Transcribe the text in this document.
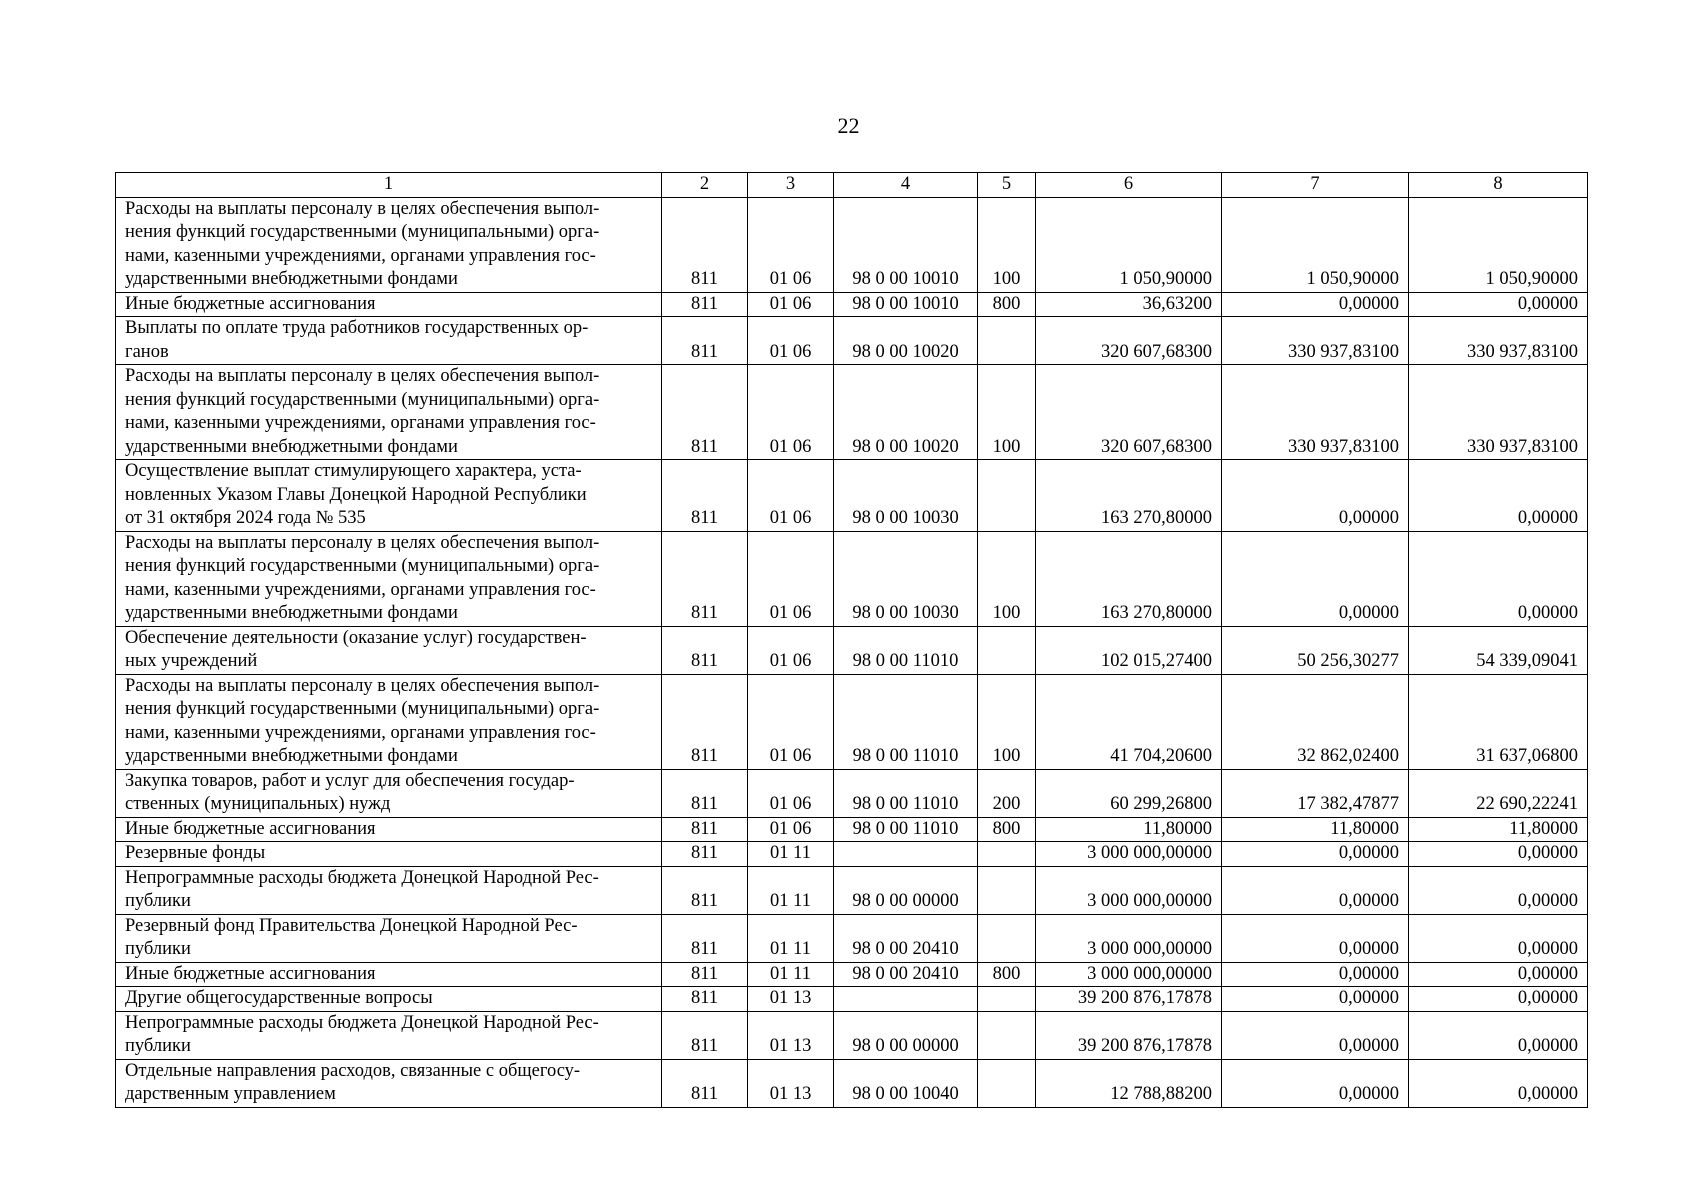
22
1	2	3	4	5	6	7	8

Расходы на выплаты персоналу в целях обеспечения выпол-
нения функций государственными (муниципальными) орга-
нами, казенными учреждениями, органами управления гос-
ударственными внебюджетными фондами	811	01 06	98 0 00 10010	100	1 050,90000	1 050,90000	1 050,90000

Иные бюджетные ассигнования	811	01 06	98 0 00 10010	800	36,63200	0,00000	0,00000

Выплаты по оплате труда работников государственных ор-
ганов	811	01 06	98 0 00 10020		320 607,68300	330 937,83100	330 937,83100

Расходы на выплаты персоналу в целях обеспечения выпол-
нения функций государственными (муниципальными) орга-
нами, казенными учреждениями, органами управления гос-
ударственными внебюджетными фондами	811	01 06	98 0 00 10020	100	320 607,68300	330 937,83100	330 937,83100

Осуществление выплат стимулирующего характера, уста-
новленных Указом Главы Донецкой Народной Республики
от 31 октября 2024 года № 535	811	01 06	98 0 00 10030		163 270,80000	0,00000	0,00000

Расходы на выплаты персоналу в целях обеспечения выпол-
нения функций государственными (муниципальными) орга-
нами, казенными учреждениями, органами управления гос-
ударственными внебюджетными фондами	811	01 06	98 0 00 10030	100	163 270,80000	0,00000	0,00000

Обеспечение деятельности (оказание услуг) государствен-
ных учреждений	811	01 06	98 0 00 11010		102 015,27400	50 256,30277	54 339,09041

Расходы на выплаты персоналу в целях обеспечения выпол-
нения функций государственными (муниципальными) орга-
нами, казенными учреждениями, органами управления гос-
ударственными внебюджетными фондами	811	01 06	98 0 00 11010	100	41 704,20600	32 862,02400	31 637,06800

Закупка товаров, работ и услуг для обеспечения государ-
ственных (муниципальных) нужд	811	01 06	98 0 00 11010	200	60 299,26800	17 382,47877	22 690,22241

Иные бюджетные ассигнования	811	01 06	98 0 00 11010	800	11,80000	11,80000	11,80000

Резервные фонды	811	01 11			3 000 000,00000	0,00000	0,00000

Непрограммные расходы бюджета Донецкой Народной Рес-
публики	811	01 11	98 0 00 00000		3 000 000,00000	0,00000	0,00000

Резервный фонд Правительства Донецкой Народной Рес-
публики	811	01 11	98 0 00 20410		3 000 000,00000	0,00000	0,00000

Иные бюджетные ассигнования	811	01 11	98 0 00 20410	800	3 000 000,00000	0,00000	0,00000

Другие общегосударственные вопросы	811	01 13			39 200 876,17878	0,00000	0,00000

Непрограммные расходы бюджета Донецкой Народной Рес-
публики	811	01 13	98 0 00 00000		39 200 876,17878	0,00000	0,00000

Отдельные направления расходов, связанные с общегосу-
дарственным управлением	811	01 13	98 0 00 10040		12 788,88200	0,00000	0,00000
